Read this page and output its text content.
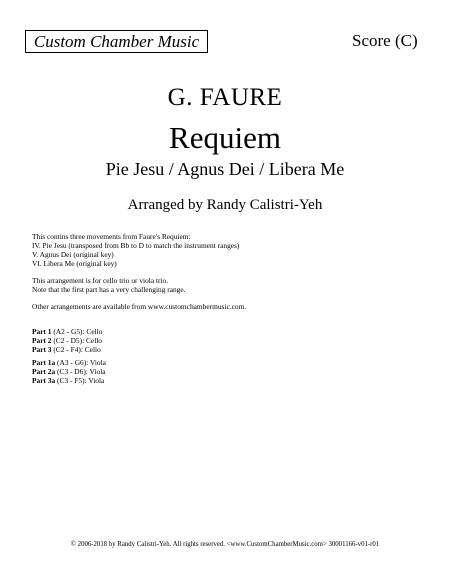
Custom Chamber Music	Score (C)
G. FAURE
Requiem
Pie Jesu / Agnus Dei / Libera Me
Arranged by Randy Calistri-Yeh
This contins three movements from Faure's Requiem:
IV. Pie Jesu (transposed from Bb to D to match the instrument ranges)
V. Agnus Dei (original key)
VI. Libera Me (original key)
This arrangement is for cello trio or viola trio.
Note that the first part has a very challenging range.
Other arrangements are available from www.customchambermusic.com.
Part 1 (A2 - G5): Cello
Part 2 (C2 - D5): Cello
Part 3 (C2 - F4): Cello
Part 1a (A3 - G6): Viola
Part 2a (C3 - D6): Viola
Part 3a (C3 - F5): Viola
© 2006-2018 by Randy Calistri-Yeh. All rights reserved. <www.CustomChamberMusic.com> 30001166-v01-r01
